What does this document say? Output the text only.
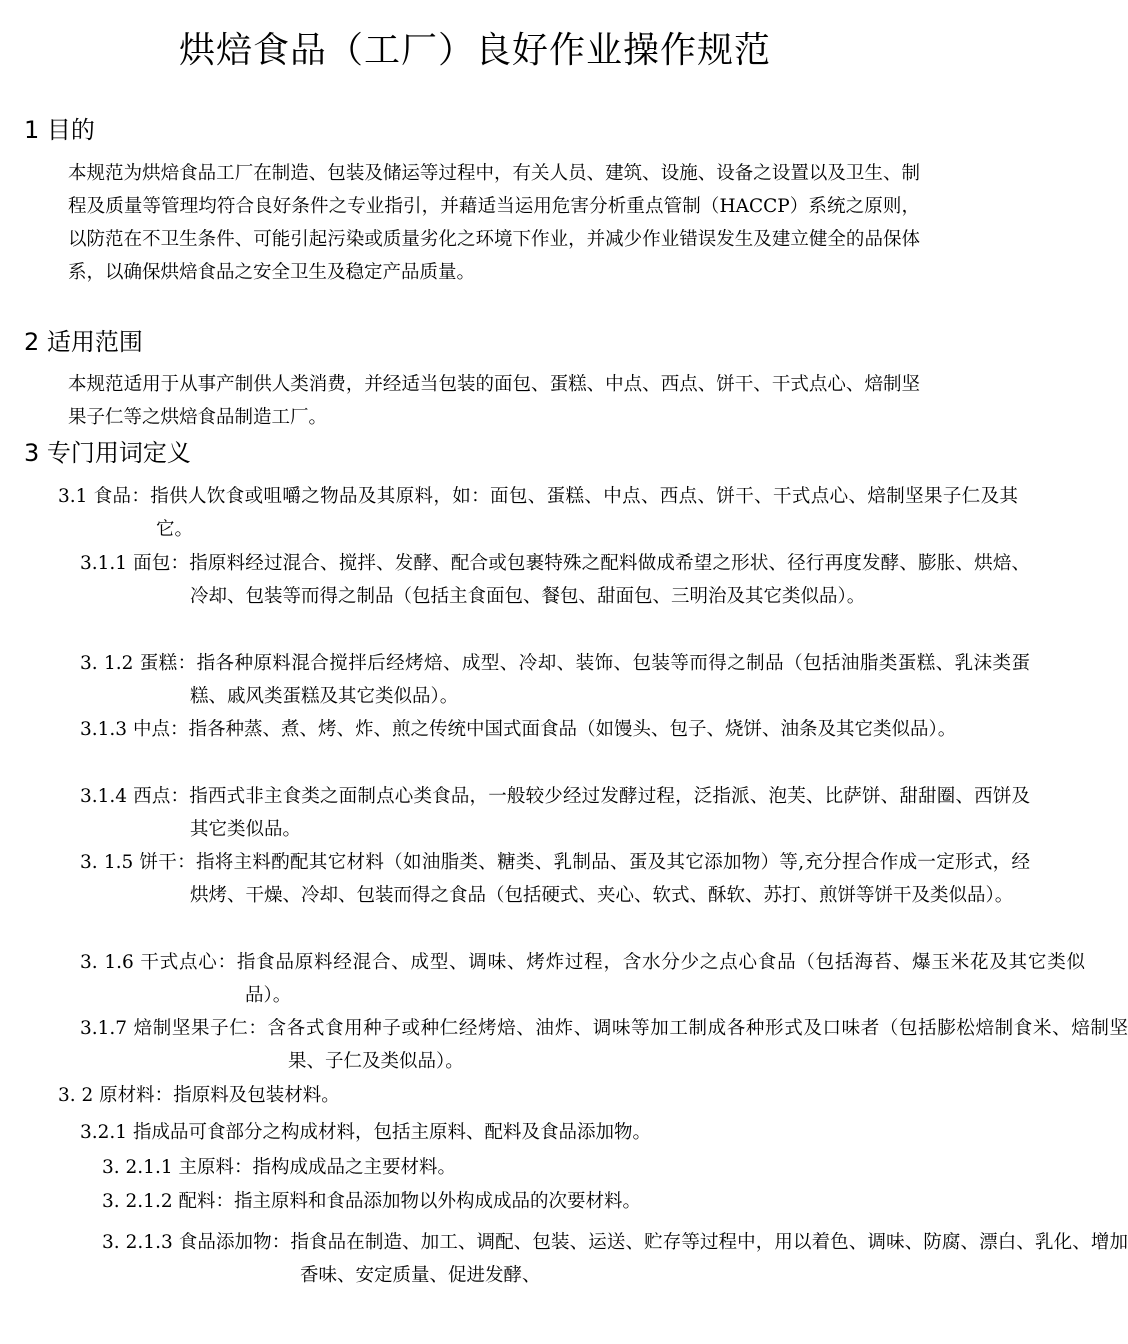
烘焙食品（工厂）良好作业操作规范
1 目的
本规范为烘焙食品工厂在制造、包装及储运等过程中，有关人员、建筑、设施、设备之设置以及卫生、制程及质量等管理均符合良好条件之专业指引，并藉适当运用危害分析重点管制（HACCP）系统之原则，以防范在不卫生条件、可能引起污染或质量劣化之环境下作业，并减少作业错误发生及建立健全的品保体系，以确保烘焙食品之安全卫生及稳定产品质量。
2 适用范围
本规范适用于从事产制供人类消费，并经适当包装的面包、蛋糕、中点、西点、饼干、干式点心、焙制坚果子仁等之烘焙食品制造工厂。
3 专门用词定义
3.1 食品：指供人饮食或咀嚼之物品及其原料，如：面包、蛋糕、中点、西点、饼干、干式点心、焙制坚果子仁及其它。
3.1.1 面包：指原料经过混合、搅拌、发酵、配合或包裹特殊之配料做成希望之形状、径行再度发酵、膨胀、烘焙、冷却、包装等而得之制品（包括主食面包、餐包、甜面包、三明治及其它类似品）。
3. 1.2 蛋糕：指各种原料混合搅拌后经烤焙、成型、冷却、装饰、包装等而得之制品（包括油脂类蛋糕、乳沫类蛋糕、戚风类蛋糕及其它类似品）。
3.1.3 中点：指各种蒸、煮、烤、炸、煎之传统中国式面食品（如馒头、包子、烧饼、油条及其它类似品）。
3.1.4 西点：指西式非主食类之面制点心类食品，一般较少经过发酵过程，泛指派、泡芙、比萨饼、甜甜圈、西饼及其它类似品。
3. 1.5 饼干：指将主料酌配其它材料（如油脂类、糖类、乳制品、蛋及其它添加物）等,充分捏合作成一定形式，经烘烤、干燥、冷却、包装而得之食品（包括硬式、夹心、软式、酥软、苏打、煎饼等饼干及类似品）。
3. 1.6 干式点心：指食品原料经混合、成型、调味、烤炸过程，含水分少之点心食品（包括海苔、爆玉米花及其它类似品）。
3.1.7 焙制坚果子仁：含各式食用种子或种仁经烤焙、油炸、调味等加工制成各种形式及口味者（包括膨松焙制食米、焙制坚果、子仁及类似品）。
3. 2 原材料：指原料及包装材料。
3.2.1 指成品可食部分之构成材料，包括主原料、配料及食品添加物。
3. 2.1.1 主原料：指构成成品之主要材料。
3. 2.1.2 配料：指主原料和食品添加物以外构成成品的次要材料。
3. 2.1.3 食品添加物：指食品在制造、加工、调配、包装、运送、贮存等过程中，用以着色、调味、防腐、漂白、乳化、增加香味、安定质量、促进发酵、
